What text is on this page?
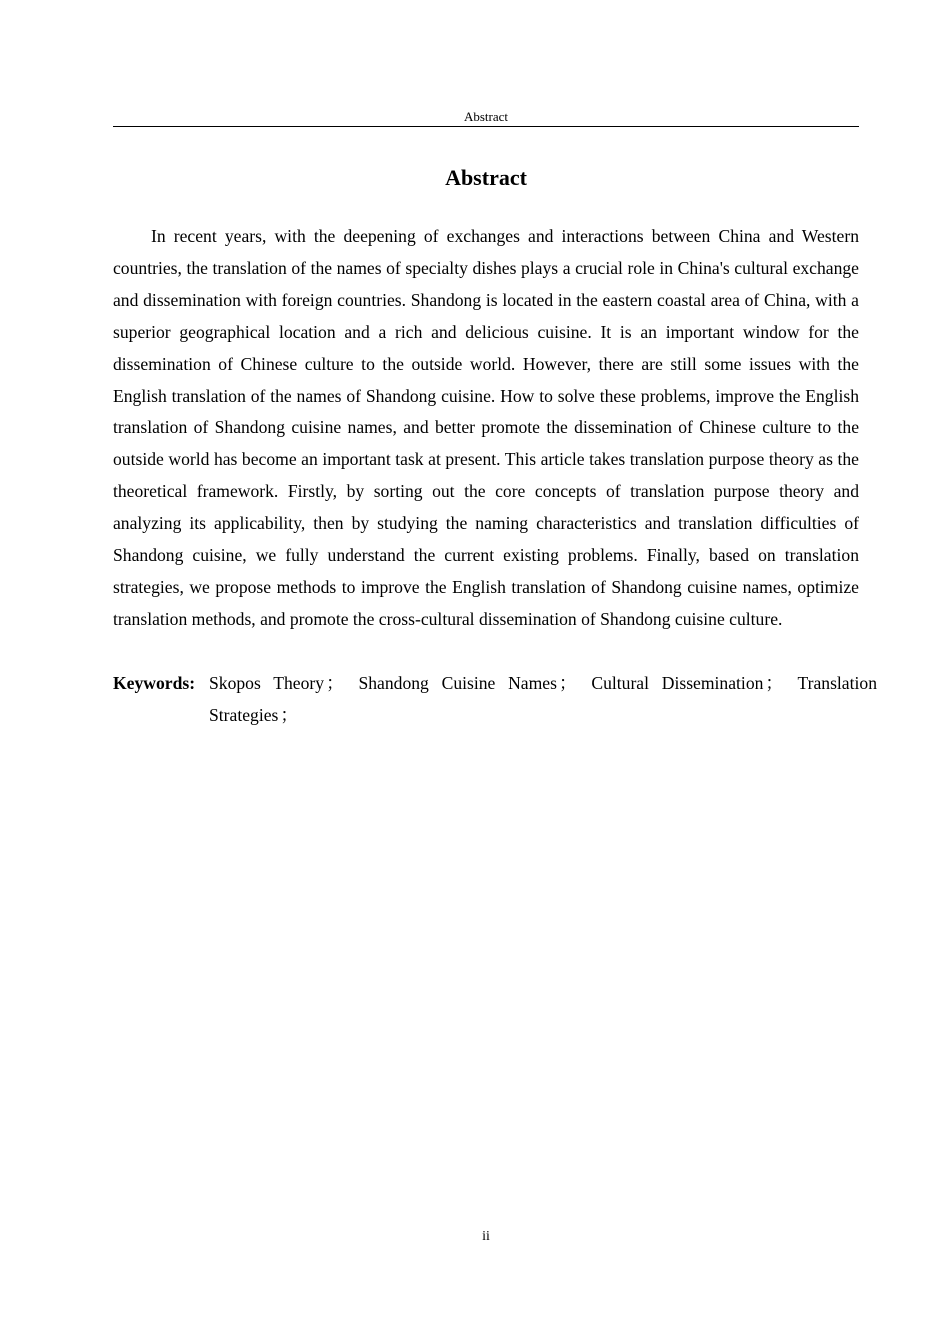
Abstract
Abstract

In recent years, with the deepening of exchanges and interactions between China and Western countries, the translation of the names of specialty dishes plays a crucial role in China's cultural exchange and dissemination with foreign countries. Shandong is located in the eastern coastal area of China, with a superior geographical location and a rich and delicious cuisine. It is an important window for the dissemination of Chinese culture to the outside world. However, there are still some issues with the English translation of the names of Shandong cuisine. How to solve these problems, improve the English translation of Shandong cuisine names, and better promote the dissemination of Chinese culture to the outside world has become an important task at present. This article takes translation purpose theory as the theoretical framework. Firstly, by sorting out the core concepts of translation purpose theory and analyzing its applicability, then by studying the naming characteristics and translation difficulties of Shandong cuisine, we fully understand the current existing problems. Finally, based on translation strategies, we propose methods to improve the English translation of Shandong cuisine names, optimize translation methods, and promote the cross-cultural dissemination of Shandong cuisine culture.

Keywords: Skopos Theory ； Shandong Cuisine Names ； Cultural Dissemination ； Translation Strategies ；
ii
